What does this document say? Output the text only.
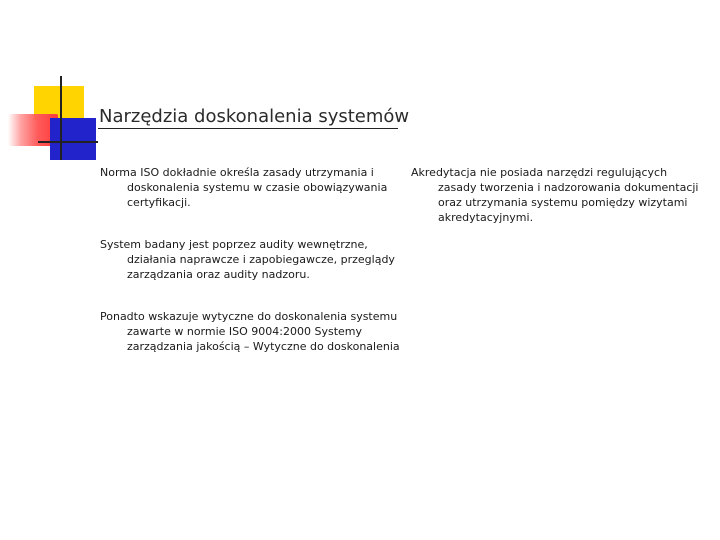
Narzędzia doskonalenia systemów

Norma ISO dokładnie określa zasady utrzymania i doskonalenia systemu w czasie obowiązywania certyfikacji.

System badany jest poprzez audity wewnętrzne, działania naprawcze i zapobiegawcze, przeglądy zarządzania oraz audity nadzoru.

Ponadto wskazuje wytyczne do doskonalenia systemu zawarte w normie ISO 9004:2000 Systemy zarządzania jakością – Wytyczne do doskonalenia

Akredytacja nie posiada narzędzi regulujących zasady tworzenia i nadzorowania dokumentacji oraz utrzymania systemu pomiędzy wizytami akredytacyjnymi.
